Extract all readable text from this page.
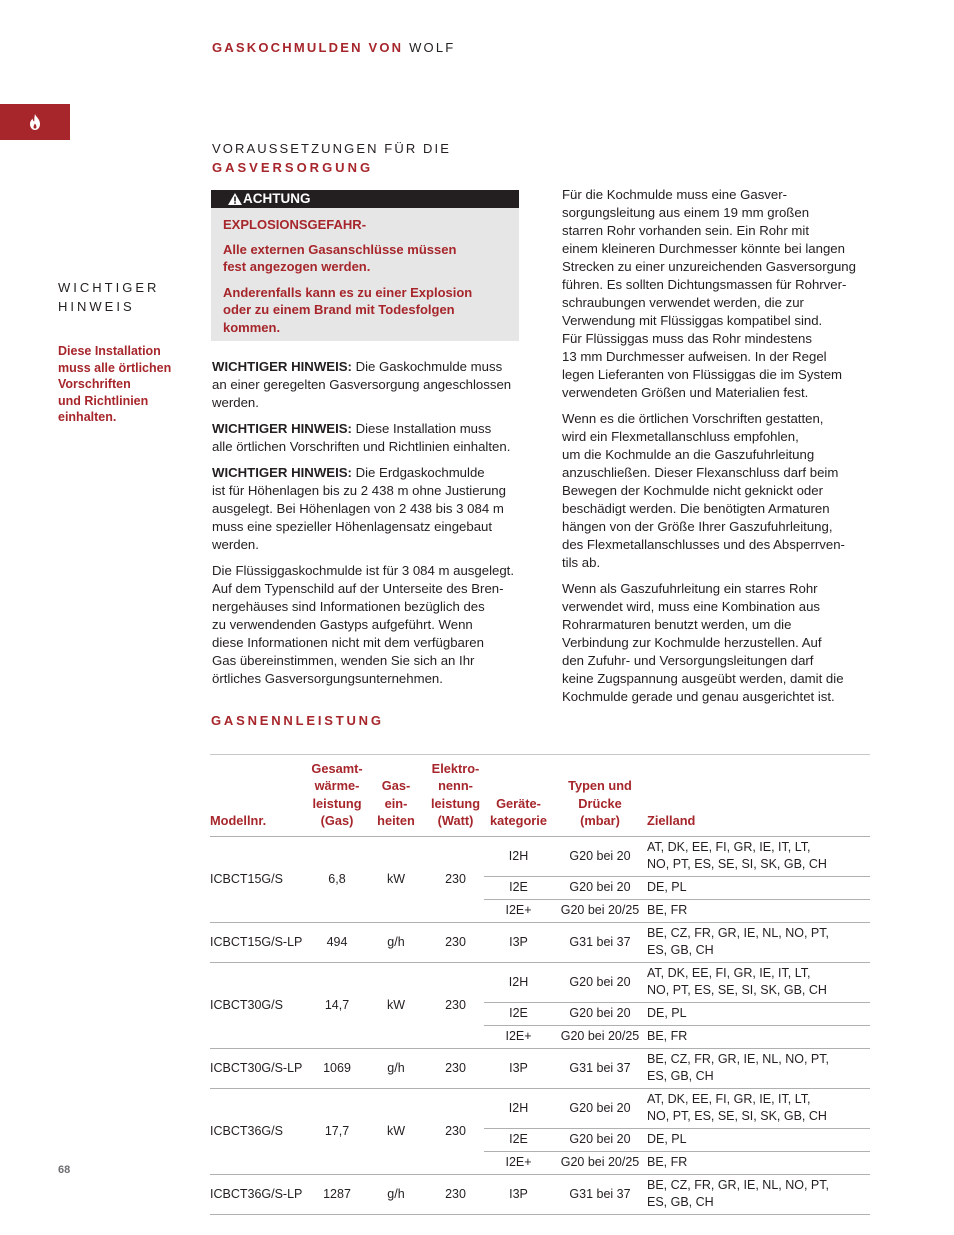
GASKOCHMULDEN VON WOLF
VORAUSSETZUNGEN FÜR DIE
GASVERSORGUNG
WICHTIGER
HINWEIS
Diese Installation
muss alle örtlichen
Vorschriften
und Richtlinien
einhalten.
ACHTUNG
EXPLOSIONSGEFAHR-
Alle externen Gasanschlüsse müssen
fest angezogen werden.
Anderenfalls kann es zu einer Explosion
oder zu einem Brand mit Todesfolgen
kommen.

WICHTIGER HINWEIS: Die Gaskochmulde muss
an einer geregelten Gasversorgung angeschlossen
werden.

WICHTIGER HINWEIS: Diese Installation muss
alle örtlichen Vorschriften und Richtlinien einhalten.

WICHTIGER HINWEIS: Die Erdgaskochmulde
ist für Höhenlagen bis zu 2 438 m ohne Justierung
ausgelegt. Bei Höhenlagen von 2 438 bis 3 084 m
muss eine spezieller Höhenlagensatz eingebaut
werden.

Die Flüssiggaskochmulde ist für 3 084 m ausgelegt.
Auf dem Typenschild auf der Unterseite des Bren-
nergehäuses sind Informationen bezüglich des
zu verwendenden Gastyps aufgeführt. Wenn
diese Informationen nicht mit dem verfügbaren
Gas übereinstimmen, wenden Sie sich an Ihr
örtliches Gasversorgungsunternehmen.

Für die Kochmulde muss eine Gasver-
sorgungsleitung aus einem 19 mm großen
starren Rohr vorhanden sein. Ein Rohr mit
einem kleineren Durchmesser könnte bei langen
Strecken zu einer unzureichenden Gasversorgung
führen. Es sollten Dichtungsmassen für Rohrver-
schraubungen verwendet werden, die zur
Verwendung mit Flüssiggas kompatibel sind.
Für Flüssiggas muss das Rohr mindestens
13 mm Durchmesser aufweisen. In der Regel
legen Lieferanten von Flüssiggas die im System
verwendeten Größen und Materialien fest.

Wenn es die örtlichen Vorschriften gestatten,
wird ein Flexmetallanschluss empfohlen,
um die Kochmulde an die Gaszufuhrleitung
anzuschließen. Dieser Flexanschluss darf beim
Bewegen der Kochmulde nicht geknickt oder
beschädigt werden. Die benötigten Armaturen
hängen von der Größe Ihrer Gaszufuhrleitung,
des Flexmetallanschlusses und des Absperrven-
tils ab.

Wenn als Gaszufuhrleitung ein starres Rohr
verwendet wird, muss eine Kombination aus
Rohrarmaturen benutzt werden, um die
Verbindung zur Kochmulde herzustellen. Auf
den Zufuhr- und Versorgungsleitungen darf
keine Zugspannung ausgeübt werden, damit die
Kochmulde gerade und genau ausgerichtet ist.

GASNENNLEISTUNG
Modellnr.	Gesamt-
wärme-
leistung
(Gas)	Gas-
ein-
heiten	Elektro-
nenn-
leistung
(Watt)	Geräte-
kategorie	Typen und
Drücke
(mbar)	Zielland
ICBCT15G/S	6,8	kW	230	I2H	G20 bei 20	AT, DK, EE, FI, GR, IE, IT, LT,
NO, PT, ES, SE, SI, SK, GB, CH
				I2E	G20 bei 20	DE, PL
				I2E+	G20 bei 20/25	BE, FR
ICBCT15G/S-LP	494	g/h	230	I3P	G31 bei 37	BE, CZ, FR, GR, IE, NL, NO, PT,
ES, GB, CH
ICBCT30G/S	14,7	kW	230	I2H	G20 bei 20	AT, DK, EE, FI, GR, IE, IT, LT,
NO, PT, ES, SE, SI, SK, GB, CH
				I2E	G20 bei 20	DE, PL
				I2E+	G20 bei 20/25	BE, FR
ICBCT30G/S-LP	1069	g/h	230	I3P	G31 bei 37	BE, CZ, FR, GR, IE, NL, NO, PT,
ES, GB, CH
ICBCT36G/S	17,7	kW	230	I2H	G20 bei 20	AT, DK, EE, FI, GR, IE, IT, LT,
NO, PT, ES, SE, SI, SK, GB, CH
				I2E	G20 bei 20	DE, PL
				I2E+	G20 bei 20/25	BE, FR
ICBCT36G/S-LP	1287	g/h	230	I3P	G31 bei 37	BE, CZ, FR, GR, IE, NL, NO, PT,
ES, GB, CH
68
